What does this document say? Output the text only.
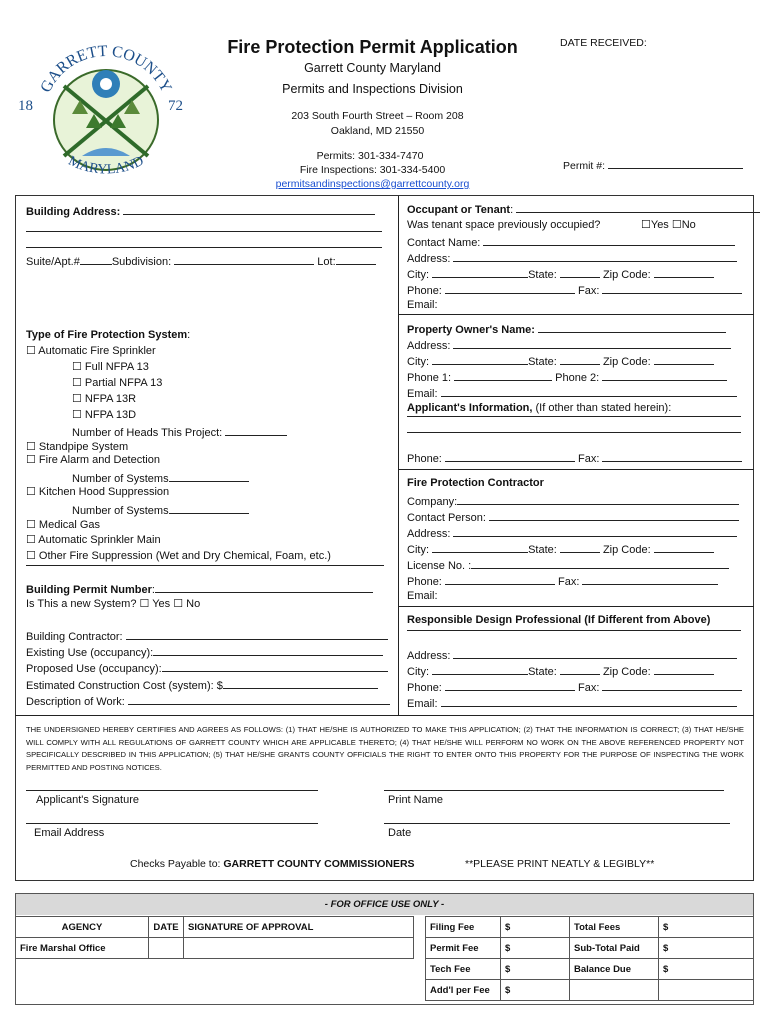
GARRETT COUNTY
MARYLAND
18	72
Fire Protection Permit Application
Garrett County Maryland
Permits and Inspections Division
203 South Fourth Street – Room 208
Oakland, MD 21550
Permits: 301-334-7470
Fire Inspections: 301-334-5400
permitsandinspections@garrettcounty.org
DATE RECEIVED:
Permit #:
Building Address:
Suite/Apt.#	Subdivision:	Lot:
Type of Fire Protection System:
☐ Automatic Fire Sprinkler
☐ Full NFPA 13
☐ Partial NFPA 13
☐ NFPA 13R
☐ NFPA 13D
Number of Heads This Project:
☐ Standpipe System
☐ Fire Alarm and Detection
Number of Systems
☐ Kitchen Hood Suppression
Number of Systems
☐ Medical Gas
☐ Automatic Sprinkler Main
☐ Other Fire Suppression (Wet and Dry Chemical, Foam, etc.)
Building Permit Number:
Is This a new System? ☐ Yes ☐ No
Building Contractor:
Existing Use (occupancy):
Proposed Use (occupancy):
Estimated Construction Cost (system): $
Description of Work:
Occupant or Tenant:
Was tenant space previously occupied?	☐Yes ☐No
Contact Name:
Address:
City:	State:	Zip Code:
Phone:	Fax:
Email:
Property Owner's Name:
Address:
City:	State:	Zip Code:
Phone 1:	Phone 2:
Email:
Applicant's Information, (If other than stated herein):
Phone:	Fax:
Fire Protection Contractor
Company:
Contact Person:
Address:
City:	State:	Zip Code:
License No. :
Phone:	Fax:
Email:
Responsible Design Professional (If Different from Above)
Address:
City:	State:	Zip Code:
Phone:	Fax:
Email:
THE UNDERSIGNED HEREBY CERTIFIES AND AGREES AS FOLLOWS: (1) THAT HE/SHE IS AUTHORIZED TO MAKE THIS APPLICATION; (2) THAT THE INFORMATION IS CORRECT; (3) THAT HE/SHE WILL COMPLY WITH ALL REGULATIONS OF GARRETT COUNTY WHICH ARE APPLICABLE THERETO; (4) THAT HE/SHE WILL PERFORM NO WORK ON THE ABOVE REFERENCED PROPERTY NOT SPECIFICALLY DESCRIBED IN THIS APPLICATION; (5) THAT HE/SHE GRANTS COUNTY OFFICIALS THE RIGHT TO ENTER ONTO THIS PROPERTY FOR THE PURPOSE OF INSPECTING THE WORK PERMITTED AND POSTING NOTICES.
Applicant's Signature	Print Name
Email Address	Date
Checks Payable to: GARRETT COUNTY COMMISSIONERS	**PLEASE PRINT NEATLY & LEGIBLY**
- FOR OFFICE USE ONLY -
AGENCY	DATE	SIGNATURE OF APPROVAL
Fire Marshal Office		
Filing Fee	$	Total Fees	$
Permit Fee	$	Sub-Total Paid	$
Tech Fee	$	Balance Due	$
Add'l per Fee	$		
